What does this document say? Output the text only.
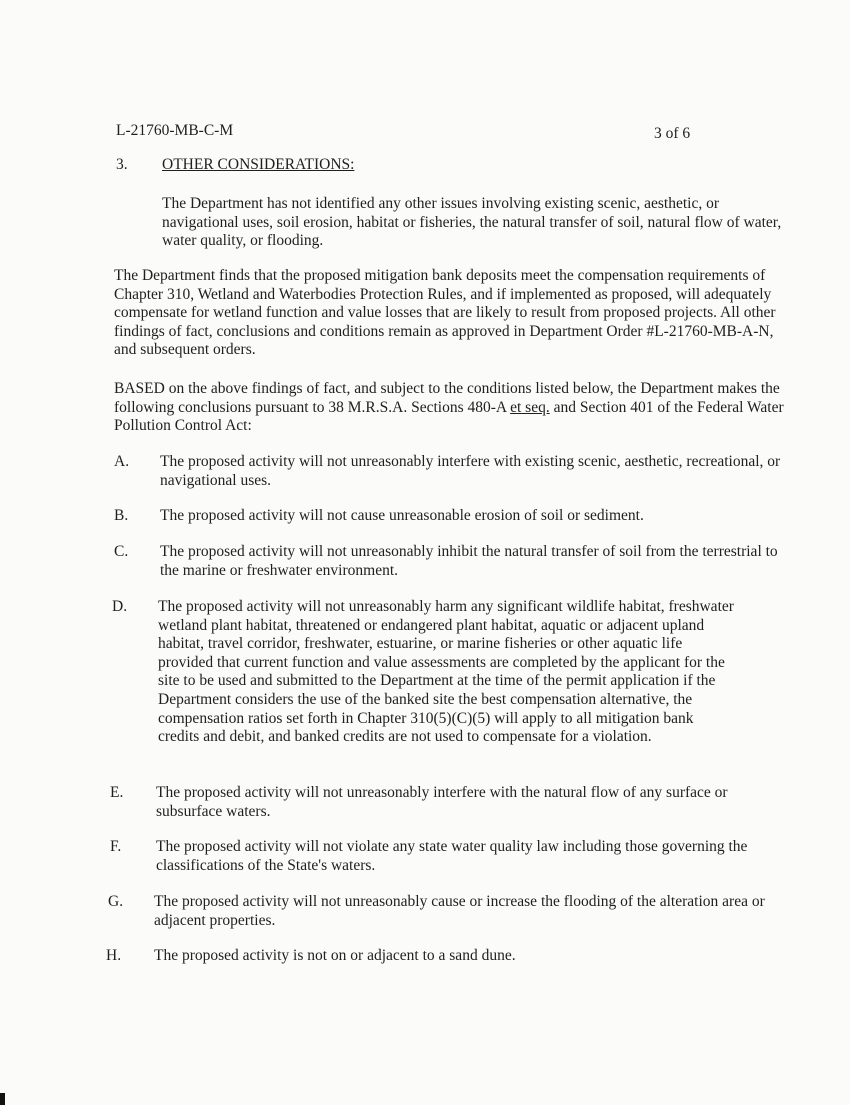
L-21760-MB-C-M	3 of 6
3. OTHER CONSIDERATIONS:

The Department has not identified any other issues involving existing scenic, aesthetic, or navigational uses, soil erosion, habitat or fisheries, the natural transfer of soil, natural flow of water, water quality, or flooding.

The Department finds that the proposed mitigation bank deposits meet the compensation requirements of Chapter 310, Wetland and Waterbodies Protection Rules, and if implemented as proposed, will adequately compensate for wetland function and value losses that are likely to result from proposed projects. All other findings of fact, conclusions and conditions remain as approved in Department Order #L-21760-MB-A-N, and subsequent orders.

BASED on the above findings of fact, and subject to the conditions listed below, the Department makes the following conclusions pursuant to 38 M.R.S.A. Sections 480-A et seq. and Section 401 of the Federal Water Pollution Control Act:

A. The proposed activity will not unreasonably interfere with existing scenic, aesthetic, recreational, or navigational uses.

B. The proposed activity will not cause unreasonable erosion of soil or sediment.

C. The proposed activity will not unreasonably inhibit the natural transfer of soil from the terrestrial to the marine or freshwater environment.

D. The proposed activity will not unreasonably harm any significant wildlife habitat, freshwater wetland plant habitat, threatened or endangered plant habitat, aquatic or adjacent upland habitat, travel corridor, freshwater, estuarine, or marine fisheries or other aquatic life provided that current function and value assessments are completed by the applicant for the site to be used and submitted to the Department at the time of the permit application if the Department considers the use of the banked site the best compensation alternative, the compensation ratios set forth in Chapter 310(5)(C)(5) will apply to all mitigation bank credits and debit, and banked credits are not used to compensate for a violation.

E. The proposed activity will not unreasonably interfere with the natural flow of any surface or subsurface waters.

F. The proposed activity will not violate any state water quality law including those governing the classifications of the State's waters.

G. The proposed activity will not unreasonably cause or increase the flooding of the alteration area or adjacent properties.

H. The proposed activity is not on or adjacent to a sand dune.
